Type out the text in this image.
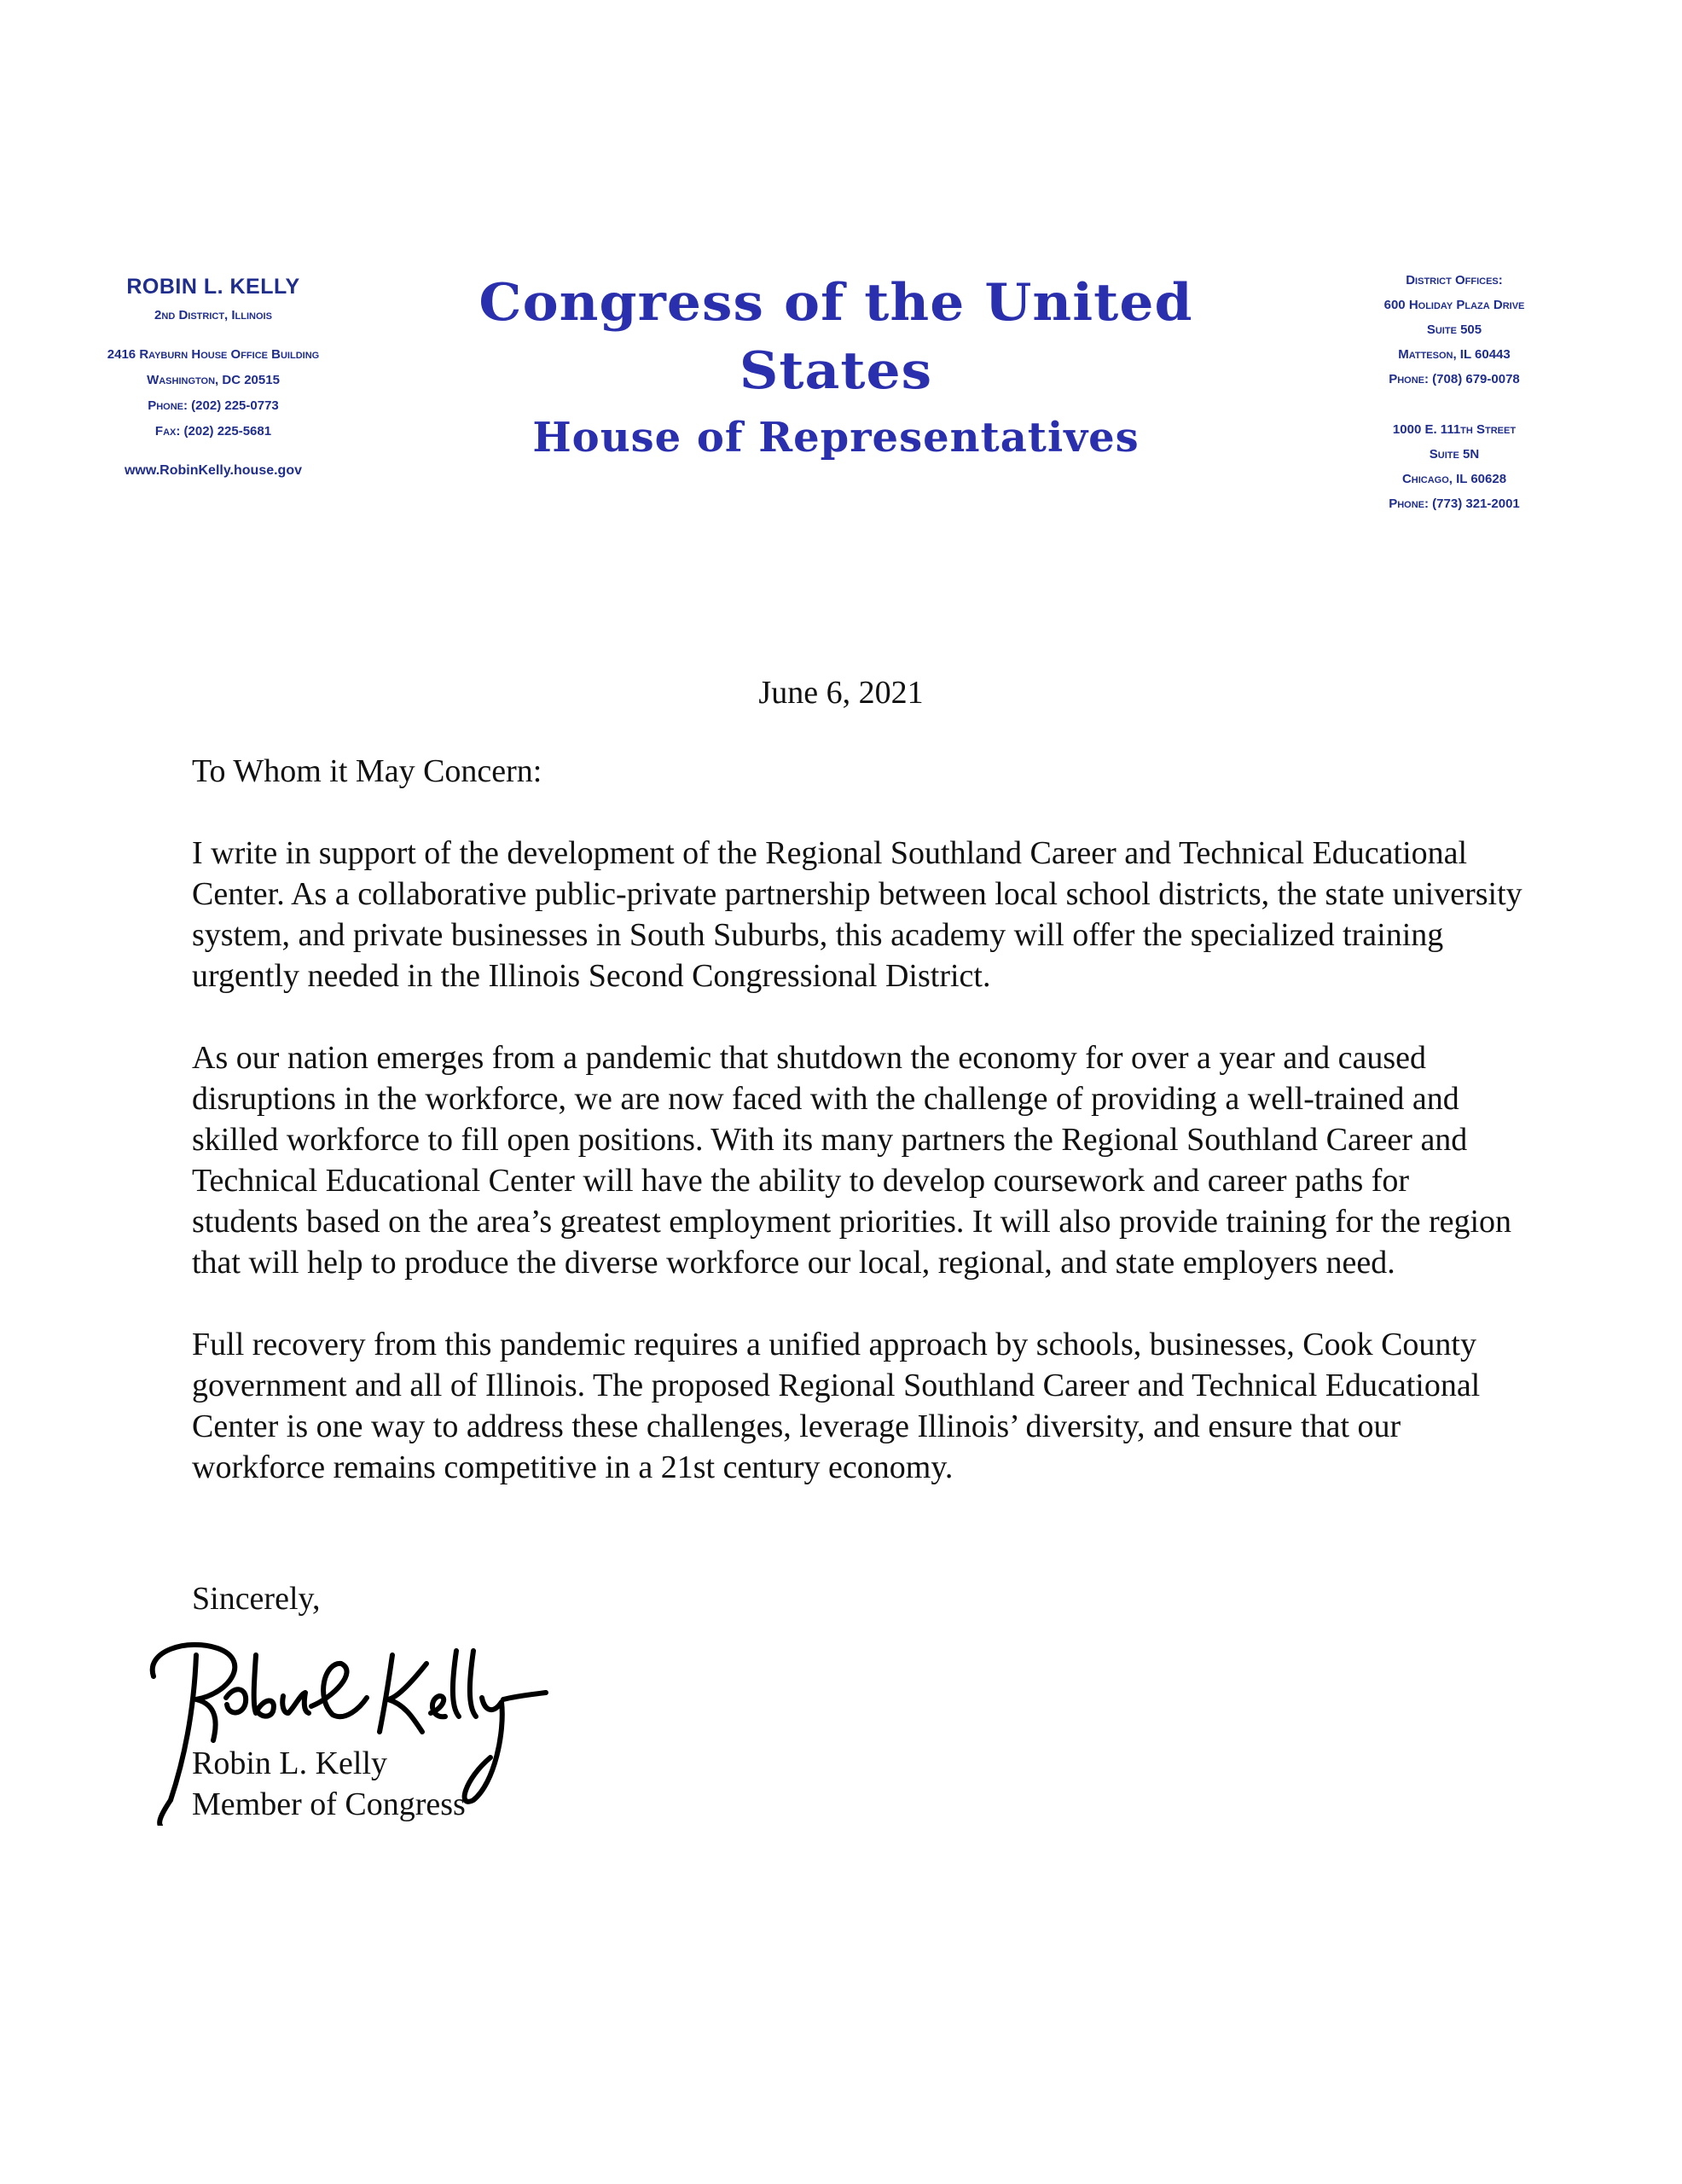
ROBIN L. KELLY
2nd District, Illinois
2416 Rayburn House Office Building
Washington, DC 20515
Phone: (202) 225-0773
Fax: (202) 225-5681
www.RobinKelly.house.gov
Congress of the United States
House of Representatives
District Offices:
600 Holiday Plaza Drive
Suite 505
Matteson, IL 60443
Phone: (708) 679-0078
1000 E. 111th Street
Suite 5N
Chicago, IL 60628
Phone: (773) 321-2001
June 6, 2021

To Whom it May Concern:

I write in support of the development of the Regional Southland Career and Technical Educational Center. As a collaborative public-private partnership between local school districts, the state university system, and private businesses in South Suburbs, this academy will offer the specialized training urgently needed in the Illinois Second Congressional District.

As our nation emerges from a pandemic that shutdown the economy for over a year and caused disruptions in the workforce, we are now faced with the challenge of providing a well-trained and skilled workforce to fill open positions. With its many partners the Regional Southland Career and Technical Educational Center will have the ability to develop coursework and career paths for students based on the area’s greatest employment priorities. It will also provide training for the region that will help to produce the diverse workforce our local, regional, and state employers need.

Full recovery from this pandemic requires a unified approach by schools, businesses, Cook County government and all of Illinois. The proposed Regional Southland Career and Technical Educational Center is one way to address these challenges, leverage Illinois’ diversity, and ensure that our workforce remains competitive in a 21st century economy.

Sincerely,
Robin L. Kelly
Member of Congress
